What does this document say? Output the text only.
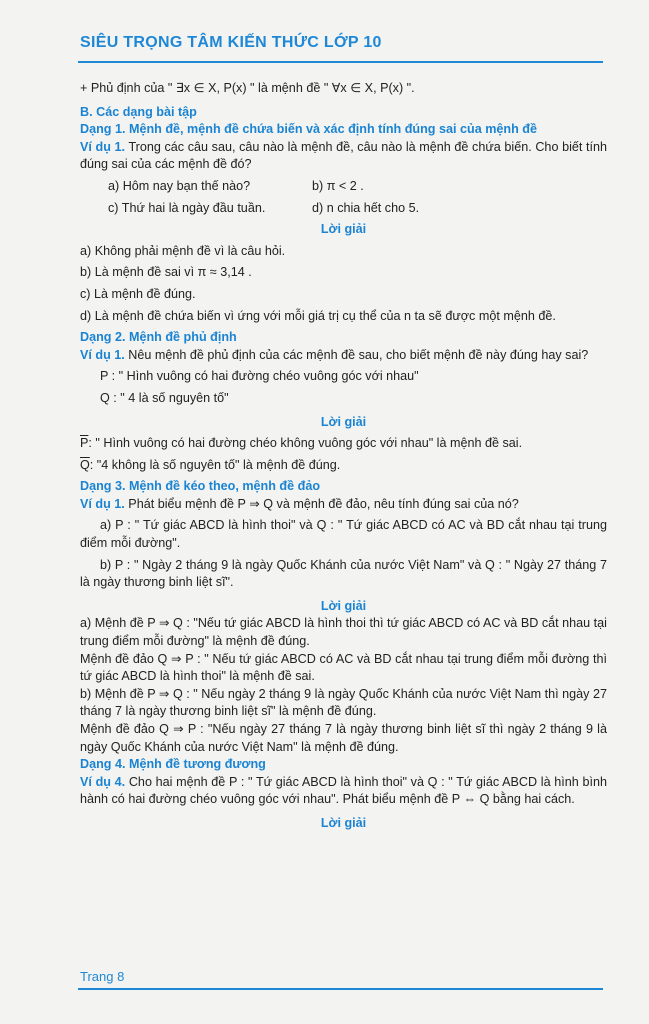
SIÊU TRỌNG TÂM KIẾN THỨC LỚP 10

+ Phủ định của " ∃x ∈ X, P(x) " là mệnh đề " ∀x ∈ X, P(x) ".

B. Các dạng bài tập

Dạng 1. Mệnh đề, mệnh đề chứa biến và xác định tính đúng sai của mệnh đề

Ví dụ 1. Trong các câu sau, câu nào là mệnh đề, câu nào là mệnh đề chứa biến. Cho biết tính đúng sai của các mệnh đề đó?

a) Hôm nay bạn thế nào?	b) π < 2 .
c) Thứ hai là ngày đầu tuần.	d) n chia hết cho 5.

Lời giải

a) Không phải mệnh đề vì là câu hỏi.

b) Là mệnh đề sai vì π ≈ 3,14 .

c) Là mệnh đề đúng.

d) Là mệnh đề chứa biến vì ứng với mỗi giá trị cụ thể của n ta sẽ được một mệnh đề.

Dạng 2. Mệnh đề phủ định

Ví dụ 1. Nêu mệnh đề phủ định của các mệnh đề sau, cho biết mệnh đề này đúng hay sai?

P : " Hình vuông có hai đường chéo vuông góc với nhau"

Q : " 4 là số nguyên tố"

Lời giải

$\overline{P}$: " Hình vuông có hai đường chéo không vuông góc với nhau" là mệnh đề sai.

$\overline{Q}$: "4 không là số nguyên tố" là mệnh đề đúng.

Dạng 3. Mệnh đề kéo theo, mệnh đề đảo

Ví dụ 1. Phát biểu mệnh đề P ⇒ Q và mệnh đề đảo, nêu tính đúng sai của nó?

a) P : " Tứ giác ABCD là hình thoi" và Q : " Tứ giác ABCD có AC và BD cắt nhau tại trung điểm mỗi đường".

b) P : " Ngày 2 tháng 9 là ngày Quốc Khánh của nước Việt Nam" và Q : " Ngày 27 tháng 7 là ngày thương binh liệt sĩ".

Lời giải

a) Mệnh đề P ⇒ Q : "Nếu tứ giác ABCD là hình thoi thì tứ giác ABCD có AC và BD cắt nhau tại trung điểm mỗi đường" là mệnh đề đúng.

Mệnh đề đảo Q ⇒ P : " Nếu tứ giác ABCD có AC và BD cắt nhau tại trung điểm mỗi đường thì tứ giác ABCD là hình thoi" là mệnh đề sai.

b) Mệnh đề P ⇒ Q : " Nếu ngày 2 tháng 9 là ngày Quốc Khánh của nước Việt Nam thì ngày 27 tháng 7 là ngày thương binh liệt sĩ" là mệnh đề đúng.

Mệnh đề đảo Q ⇒ P : "Nếu ngày 27 tháng 7 là ngày thương binh liệt sĩ thì ngày 2 tháng 9 là ngày Quốc Khánh của nước Việt Nam" là mệnh đề đúng.

Dạng 4. Mệnh đề tương đương

Ví dụ 4. Cho hai mệnh đề P : " Tứ giác ABCD là hình thoi" và Q : " Tứ giác ABCD là hình bình hành có hai đường chéo vuông góc với nhau". Phát biểu mệnh đề P ⇔ Q bằng hai cách.

Lời giải

Trang 8
